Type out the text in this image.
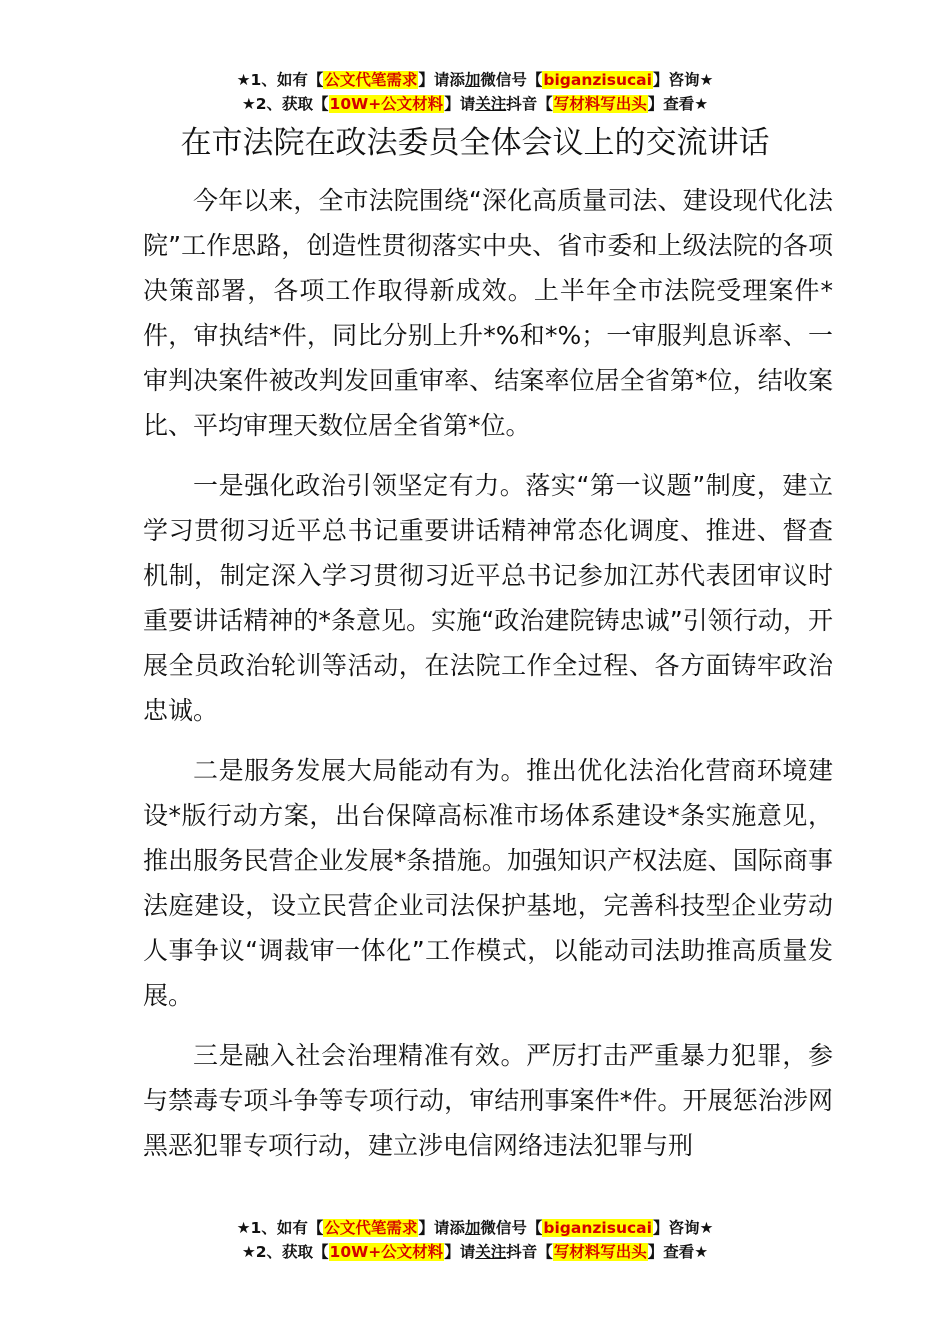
★1、如有【公文代笔需求】请添加微信号【biganzisucai】咨询★
★2、获取【10W+公文材料】请关注抖音【写材料写出头】查看★
在市法院在政法委员全体会议上的交流讲话

今年以来，全市法院围绕“深化高质量司法、建设现代化法院”工作思路，创造性贯彻落实中央、省市委和上级法院的各项决策部署，各项工作取得新成效。上半年全市法院受理案件*件，审执结*件，同比分别上升*%和*%；一审服判息诉率、一审判决案件被改判发回重审率、结案率位居全省第*位，结收案比、平均审理天数位居全省第*位。

一是强化政治引领坚定有力。落实“第一议题”制度，建立学习贯彻习近平总书记重要讲话精神常态化调度、推进、督查机制，制定深入学习贯彻习近平总书记参加江苏代表团审议时重要讲话精神的*条意见。实施“政治建院铸忠诚”引领行动，开展全员政治轮训等活动，在法院工作全过程、各方面铸牢政治忠诚。

二是服务发展大局能动有为。推出优化法治化营商环境建设*版行动方案，出台保障高标准市场体系建设*条实施意见，推出服务民营企业发展*条措施。加强知识产权法庭、国际商事法庭建设，设立民营企业司法保护基地，完善科技型企业劳动人事争议“调裁审一体化”工作模式，以能动司法助推高质量发展。

三是融入社会治理精准有效。严厉打击严重暴力犯罪，参与禁毒专项斗争等专项行动，审结刑事案件*件。开展惩治涉网黑恶犯罪专项行动，建立涉电信网络违法犯罪与刑

★1、如有【公文代笔需求】请添加微信号【biganzisucai】咨询★
★2、获取【10W+公文材料】请关注抖音【写材料写出头】查看★
